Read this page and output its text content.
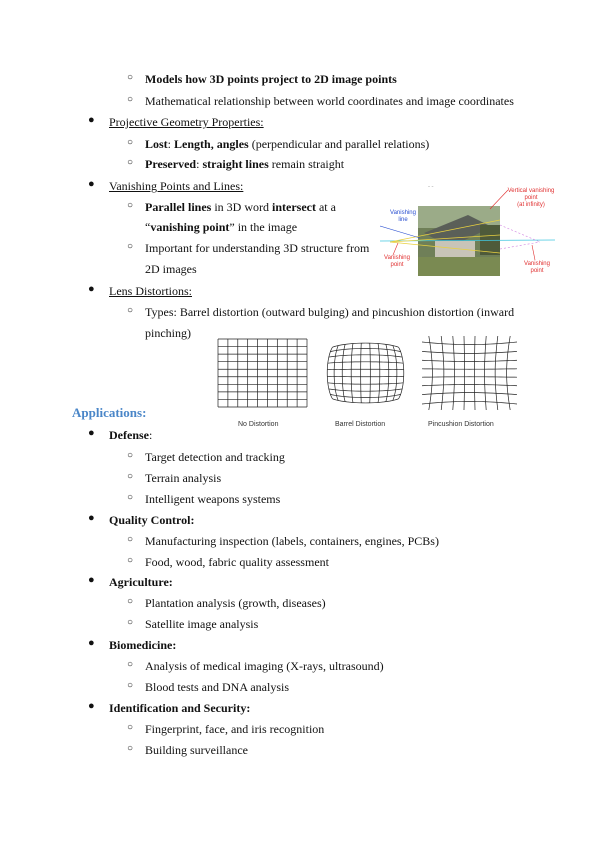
○ Models how 3D points project to 2D image points
○ Mathematical relationship between world coordinates and image coordinates
● Projective Geometry Properties:
○ Lost: Length, angles (perpendicular and parallel relations)
○ Preserved: straight lines remain straight
● Vanishing Points and Lines:
○ Parallel lines in 3D word intersect at a
“vanishing point” in the image
○ Important for understanding 3D structure from
2D images
- -
Vertical vanishing point
(at infinity)
Vanishing line
Vanishing point	Vanishing point
● Lens Distortions:
○ Types: Barrel distortion (outward bulging) and pincushion distortion (inward
pinching)
No Distortion	Barrel Distortion	Pincushion Distortion
Applications:
● Defense:
○ Target detection and tracking
○ Terrain analysis
○ Intelligent weapons systems
● Quality Control:
○ Manufacturing inspection (labels, containers, engines, PCBs)
○ Food, wood, fabric quality assessment
● Agriculture:
○ Plantation analysis (growth, diseases)
○ Satellite image analysis
● Biomedicine:
○ Analysis of medical imaging (X-rays, ultrasound)
○ Blood tests and DNA analysis
● Identification and Security:
○ Fingerprint, face, and iris recognition
○ Building surveillance
